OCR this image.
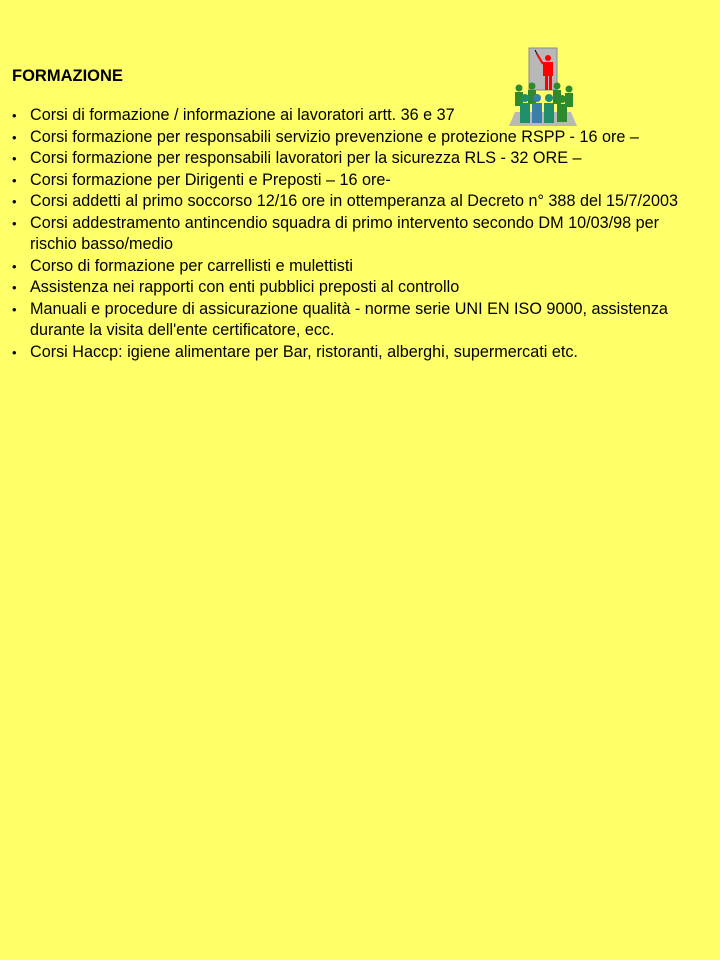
FORMAZIONE
• Corsi di formazione / informazione ai lavoratori artt. 36 e 37
• Corsi formazione per responsabili servizio prevenzione e protezione RSPP - 16 ore –
• Corsi formazione per responsabili lavoratori per la sicurezza RLS - 32 ORE –
• Corsi formazione per Dirigenti e Preposti – 16 ore-
• Corsi addetti al primo soccorso 12/16 ore in ottemperanza al Decreto n° 388 del 15/7/2003
• Corsi addestramento antincendio squadra di primo intervento secondo DM 10/03/98 per rischio basso/medio
• Corso di formazione per carrellisti e mulettisti
• Assistenza nei rapporti con enti pubblici preposti al controllo
• Manuali e procedure di assicurazione qualità - norme serie UNI EN ISO 9000, assistenza durante la visita dell'ente certificatore, ecc.
• Corsi Haccp: igiene alimentare per Bar, ristoranti, alberghi, supermercati etc.
